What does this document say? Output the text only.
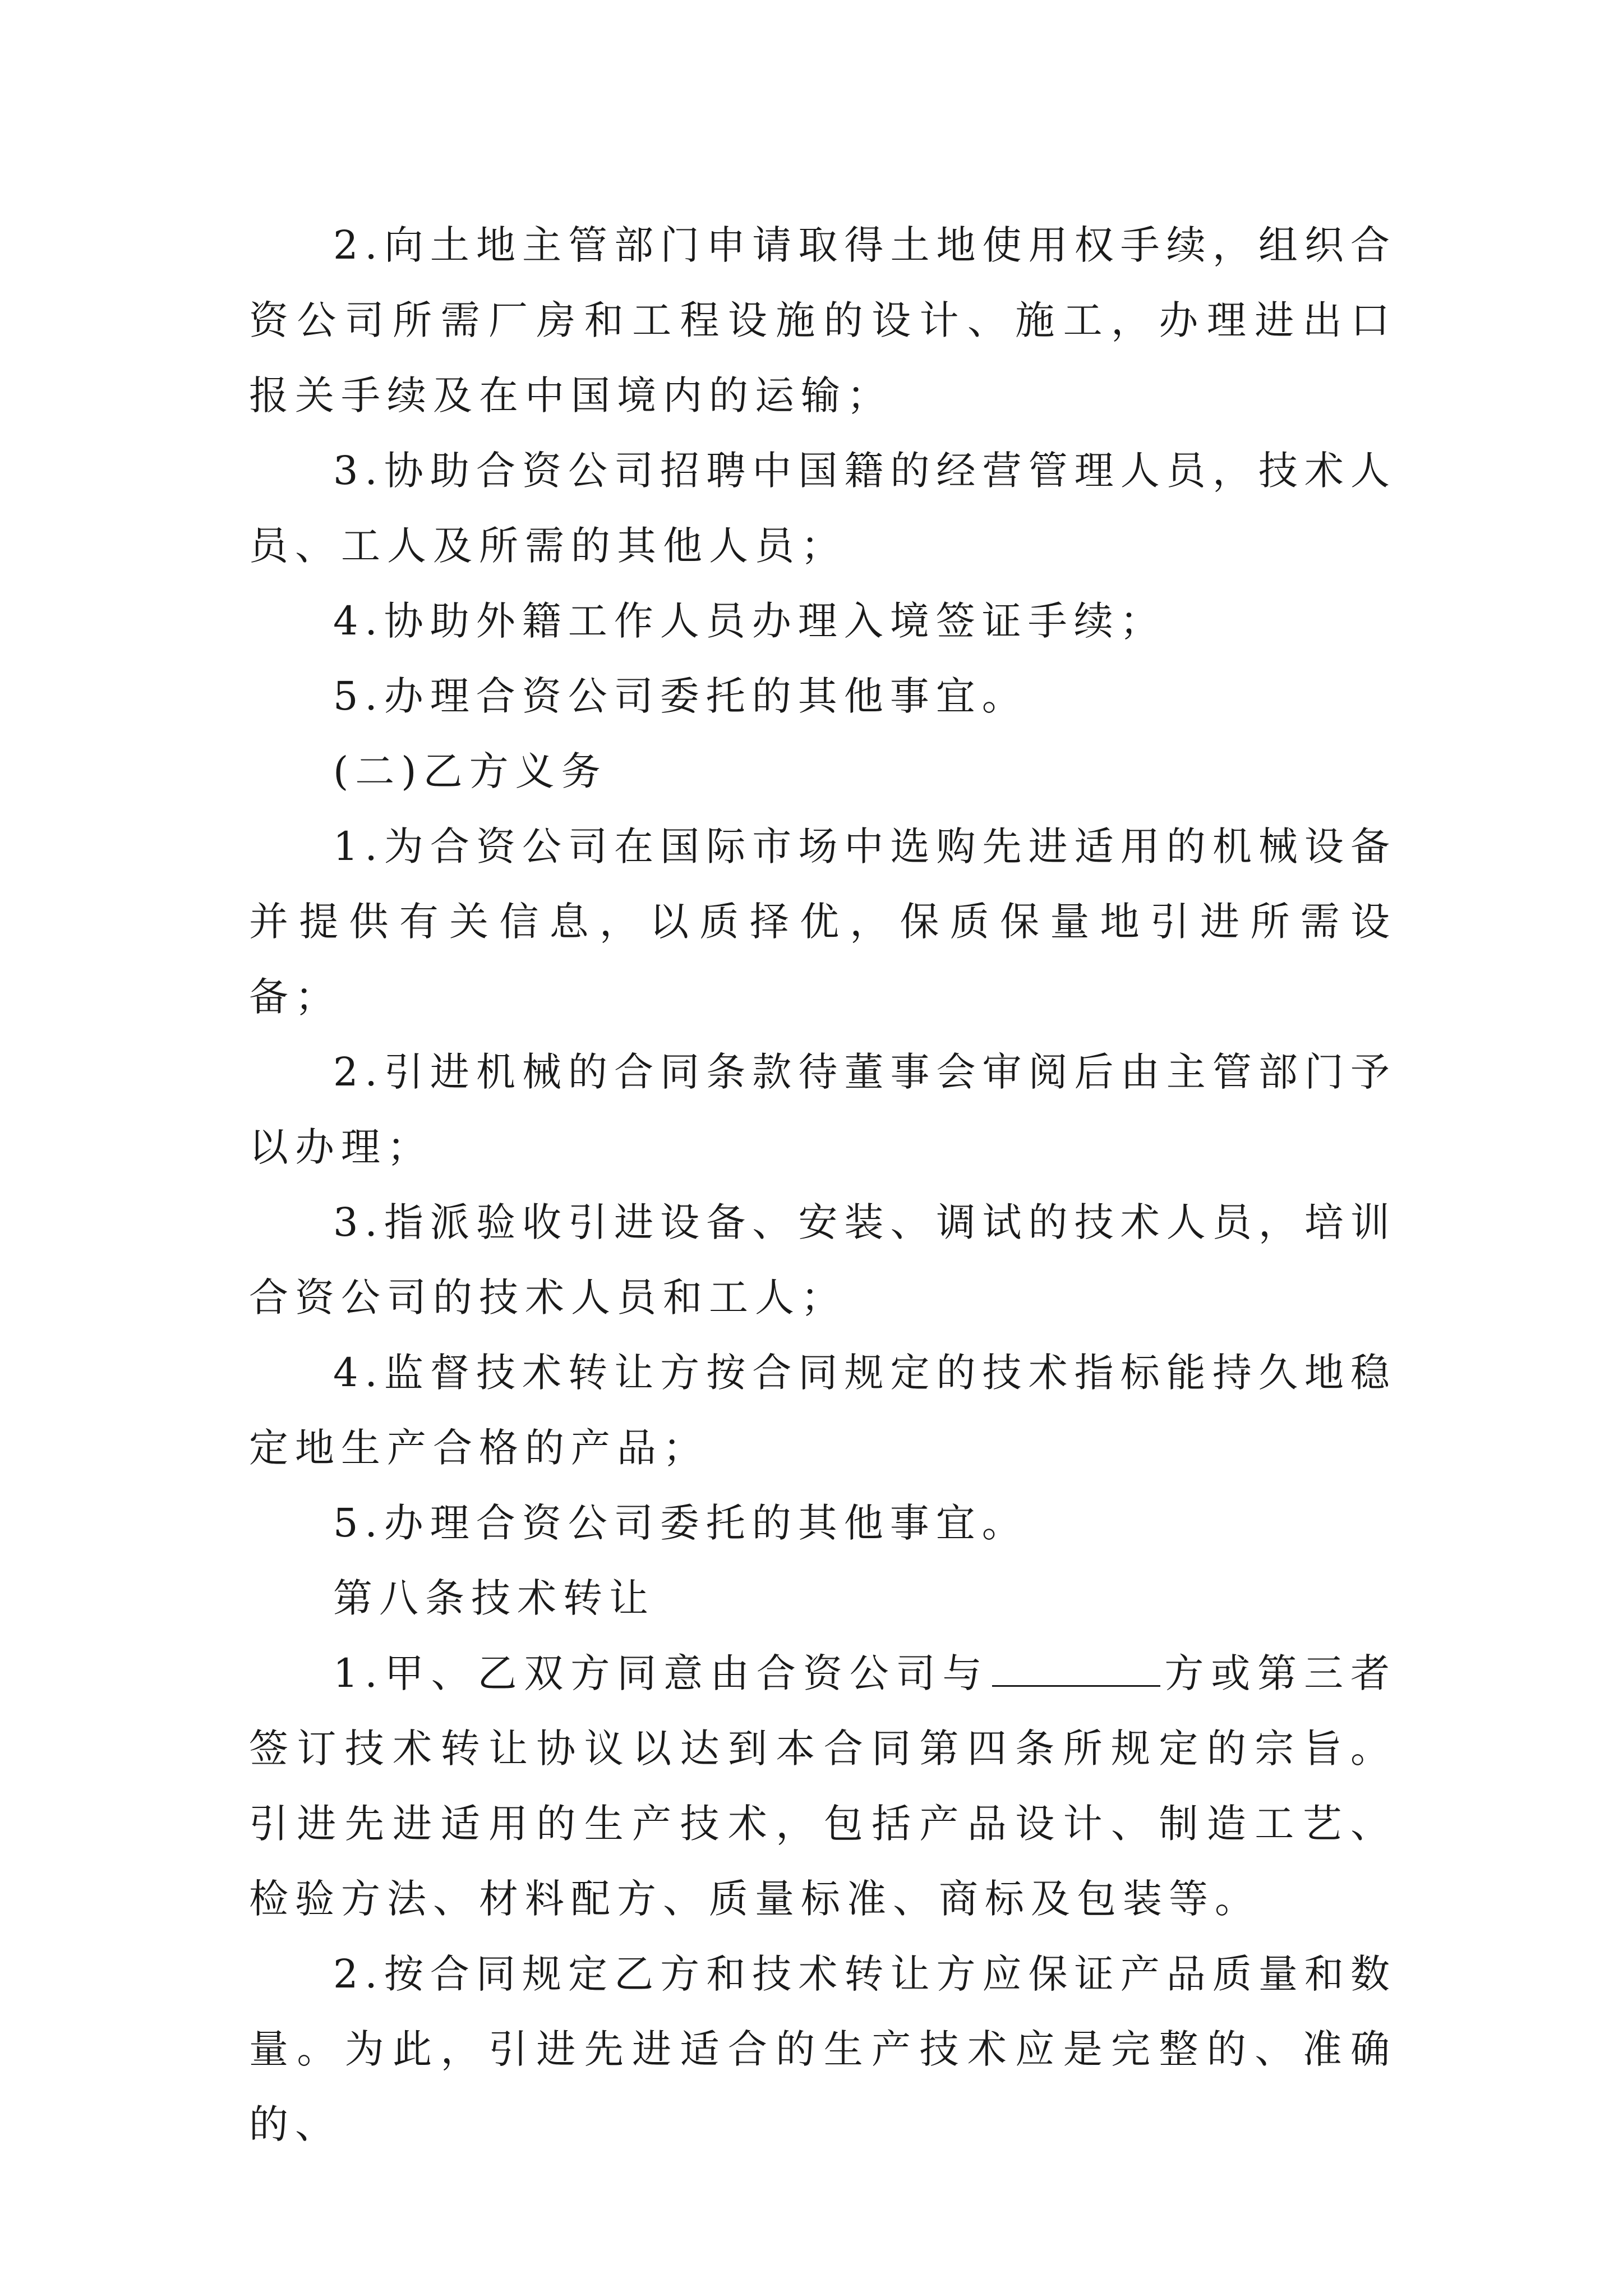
2.向土地主管部门申请取得土地使用权手续，组织合资公司所需厂房和工程设施的设计、施工，办理进出口报关手续及在中国境内的运输；

3.协助合资公司招聘中国籍的经营管理人员，技术人员、工人及所需的其他人员；

4.协助外籍工作人员办理入境签证手续；

5.办理合资公司委托的其他事宜。

(二)乙方义务

1.为合资公司在国际市场中选购先进适用的机械设备并提供有关信息，以质择优，保质保量地引进所需设备；

2.引进机械的合同条款待董事会审阅后由主管部门予以办理；

3.指派验收引进设备、安装、调试的技术人员，培训合资公司的技术人员和工人；

4.监督技术转让方按合同规定的技术指标能持久地稳定地生产合格的产品；

5.办理合资公司委托的其他事宜。

第八条技术转让

1.甲、乙双方同意由合资公司与	方或第三者签订技术转让协议以达到本合同第四条所规定的宗旨。引进先进适用的生产技术，包括产品设计、制造工艺、检验方法、材料配方、质量标准、商标及包装等。

2.按合同规定乙方和技术转让方应保证产品质量和数量。为此，引进先进适合的生产技术应是完整的、准确的、
